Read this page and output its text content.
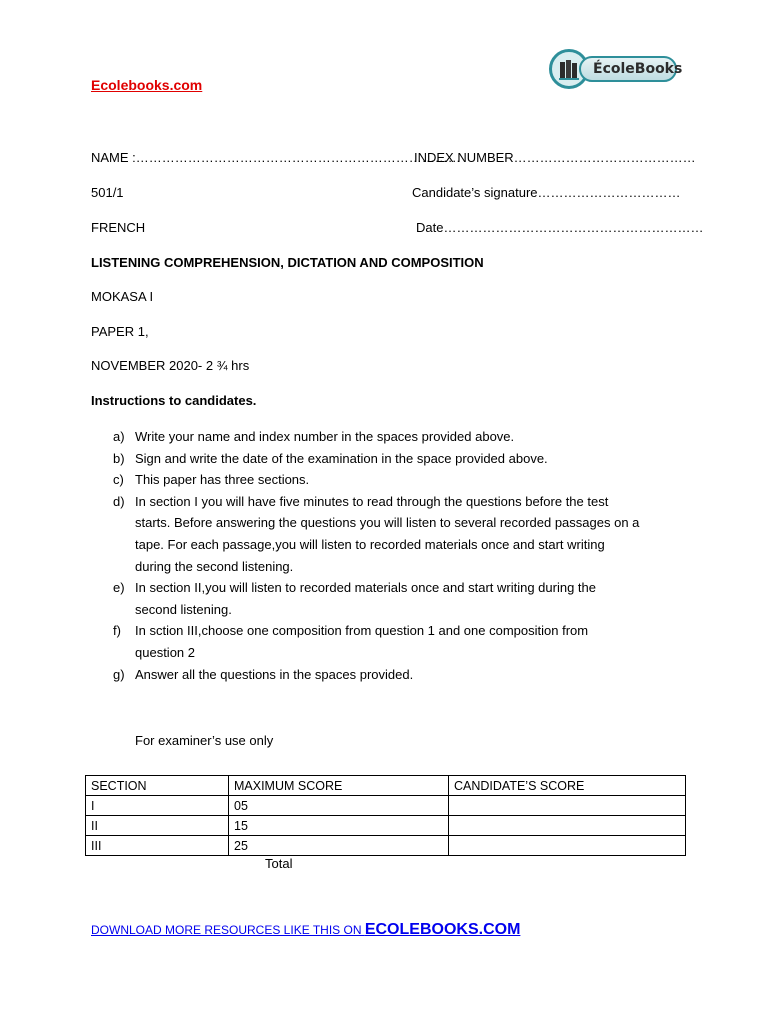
Ecolebooks.com
ÉcoleBooks
NAME :…………………………………………………………………
INDEX NUMBER……………………………………
501/1	Candidate’s signature……………………………
FRENCH	Date……………………………………………………
LISTENING COMPREHENSION, DICTATION AND COMPOSITION
MOKASA I
PAPER 1,
NOVEMBER 2020- 2 ¾ hrs
Instructions to candidates.
a) Write your name and index number in the spaces provided above.
b) Sign and write the date of the examination in the space provided above.
c) This paper has three sections.
d) In section I you will have five minutes to read through the questions before the test
starts. Before answering the questions you will listen to several recorded passages on a
tape. For each passage,you will listen to recorded materials once and start writing
during the second listening.
e) In section II,you will listen to recorded materials once and start writing during the
second listening.
f) In sction III,choose one composition from question 1 and one composition from
question 2
g) Answer all the questions in the spaces provided.
For examiner’s use only
SECTION	MAXIMUM SCORE	CANDIDATE’S SCORE
I	05	
II	15	
III	25	
Total
DOWNLOAD MORE RESOURCES LIKE THIS ON ECOLEBOOKS.COM
